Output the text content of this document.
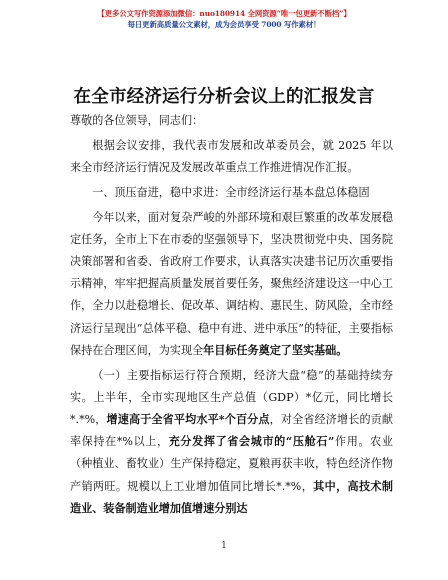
【更多公文写作资源添加微信：nuo180914 全网资源“唯一包更新不断档”】
每日更新高质量公文素材，成为会员享受 7000 写作素材！
在全市经济运行分析会议上的汇报发言

尊敬的各位领导，同志们：

根据会议安排，我代表市发展和改革委员会，就 2025 年以来全市经济运行情况及发展改革重点工作推进情况作汇报。

一、顶压奋进，稳中求进：全市经济运行基本盘总体稳固

今年以来，面对复杂严峻的外部环境和艰巨繁重的改革发展稳定任务，全市上下在市委的坚强领导下，坚决贯彻党中央、国务院决策部署和省委、省政府工作要求，认真落实决建书记历次重要指示精神，牢牢把握高质量发展首要任务，聚焦经济建设这一中心工作，全力以赴稳增长、促改革、调结构、惠民生、防风险，全市经济运行呈现出“总体平稳、稳中有进、进中承压”的特征，主要指标保持在合理区间，为实现全年目标任务奠定了坚实基础。

（一）主要指标运行符合预期，经济大盘“稳”的基础持续夯实。上半年，全市实现地区生产总值（GDP）*亿元，同比增长*.*%，增速高于全省平均水平*个百分点，对全省经济增长的贡献率保持在*%以上，充分发挥了省会城市的“压舱石”作用。农业（种植业、畜牧业）生产保持稳定，夏粮再获丰收，特色经济作物产销两旺。规模以上工业增加值同比增长*.*%，其中，高技术制造业、装备制造业增加值增速分别达

1
